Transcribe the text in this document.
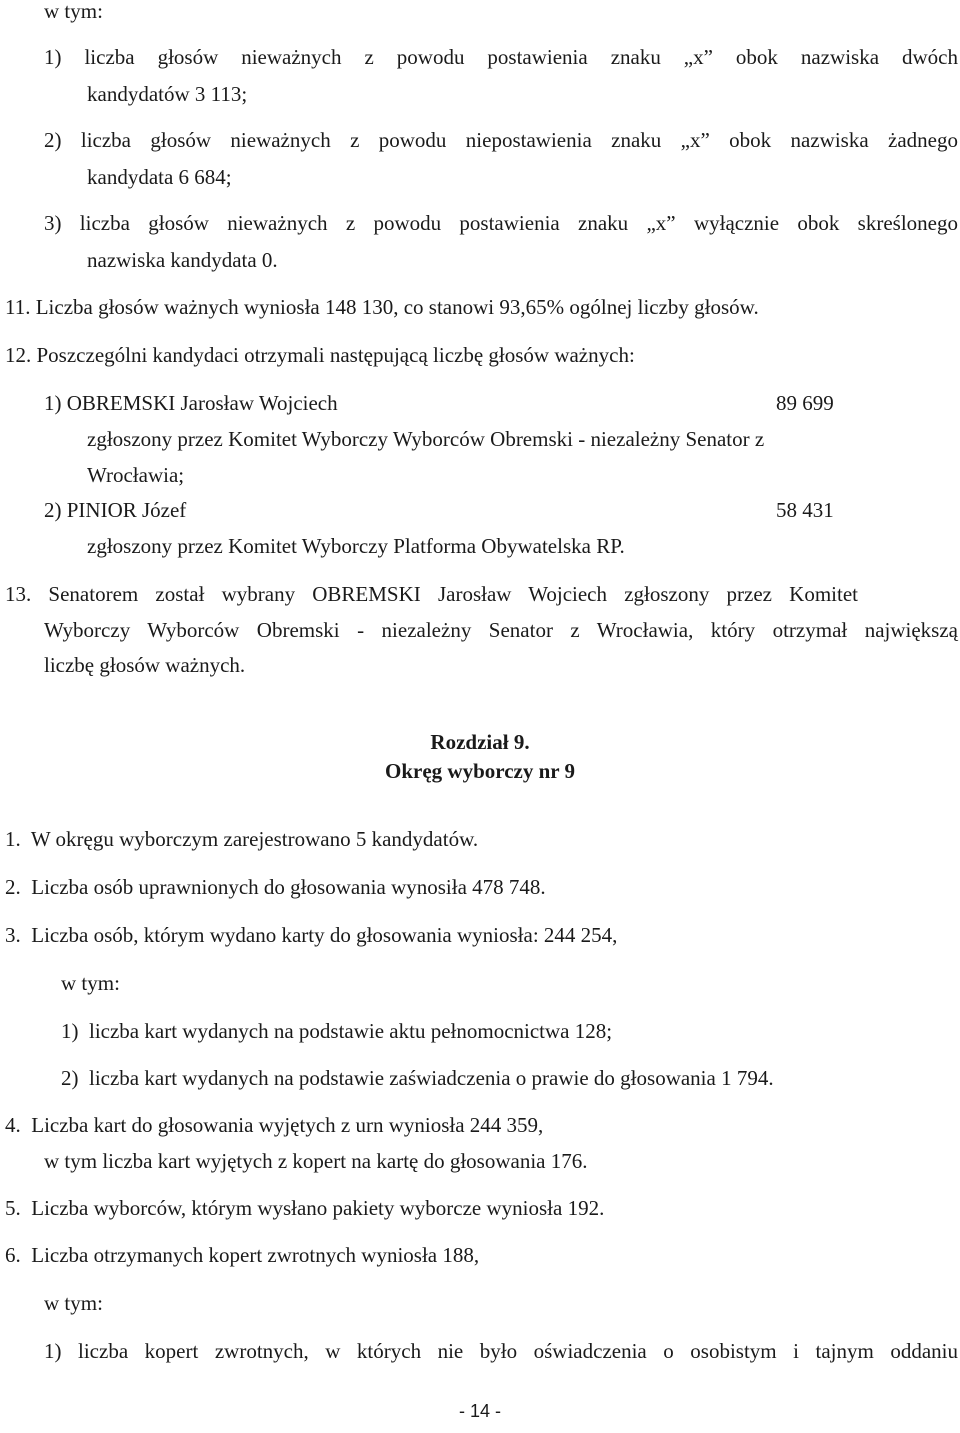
w tym:
1) liczba głosów nieważnych z powodu postawienia znaku „x” obok nazwiska dwóch
kandydatów 3 113;
2) liczba głosów nieważnych z powodu niepostawienia znaku „x” obok nazwiska żadnego
kandydata 6 684;
3) liczba głosów nieważnych z powodu postawienia znaku „x” wyłącznie obok skreślonego
nazwiska kandydata 0.
11. Liczba głosów ważnych wyniosła 148 130, co stanowi 93,65% ogólnej liczby głosów.
12. Poszczególni kandydaci otrzymali następującą liczbę głosów ważnych:
1) OBREMSKI Jarosław Wojciech	89 699
zgłoszony przez Komitet Wyborczy Wyborców Obremski - niezależny Senator z
Wrocławia;
2) PINIOR Józef	58 431
zgłoszony przez Komitet Wyborczy Platforma Obywatelska RP.
13. Senatorem został wybrany OBREMSKI Jarosław Wojciech zgłoszony przez Komitet
Wyborczy Wyborców Obremski - niezależny Senator z Wrocławia, który otrzymał największą
liczbę głosów ważnych.
Rozdział 9.
Okręg wyborczy nr 9
1.  W okręgu wyborczym zarejestrowano 5 kandydatów.
2.  Liczba osób uprawnionych do głosowania wynosiła 478 748.
3.  Liczba osób, którym wydano karty do głosowania wyniosła: 244 254,
w tym:
1)  liczba kart wydanych na podstawie aktu pełnomocnictwa 128;
2)  liczba kart wydanych na podstawie zaświadczenia o prawie do głosowania 1 794.
4.  Liczba kart do głosowania wyjętych z urn wyniosła 244 359,
w tym liczba kart wyjętych z kopert na kartę do głosowania 176.
5.  Liczba wyborców, którym wysłano pakiety wyborcze wyniosła 192.
6.  Liczba otrzymanych kopert zwrotnych wyniosła 188,
w tym:
1) liczba kopert zwrotnych, w których nie było oświadczenia o osobistym i tajnym oddaniu
- 14 -
